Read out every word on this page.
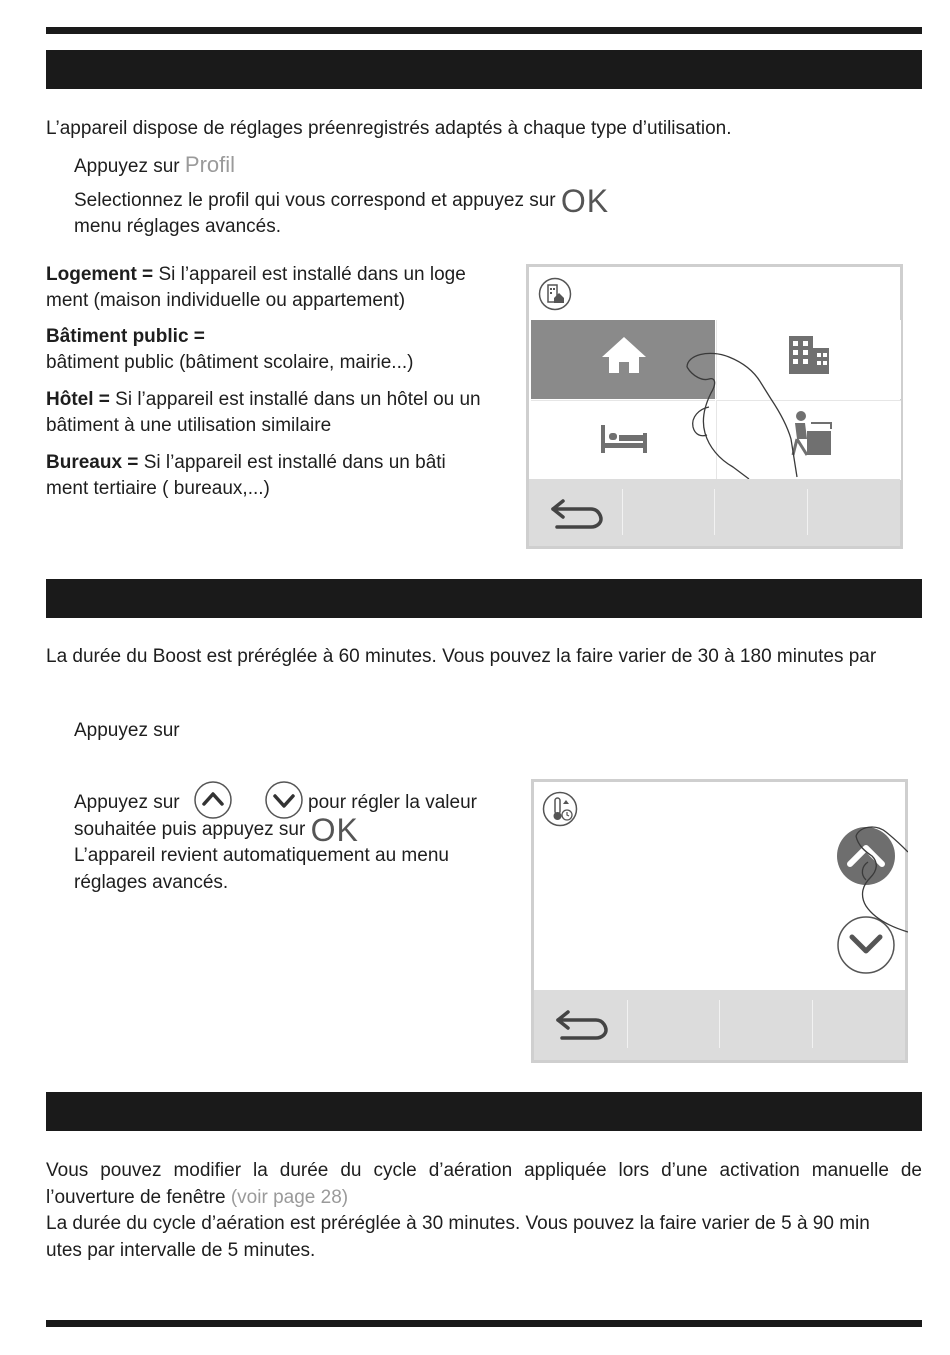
L’appareil dispose de réglages préenregistrés adaptés à chaque type d’utilisation.
Appuyez sur Profil
Selectionnez le profil qui vous correspond et appuyez sur OK
menu réglages avancés.
Logement = Si l’appareil est installé dans un loge
ment (maison individuelle ou appartement)
Bâtiment public =
bâtiment public (bâtiment scolaire, mairie...)
Hôtel = Si l’appareil est installé dans un hôtel ou un
bâtiment à une utilisation similaire
Bureaux = Si l’appareil est installé dans un bâti
ment tertiaire ( bureaux,...)
La durée du Boost est préréglée à 60 minutes. Vous pouvez la faire varier de 30 à 180 minutes par
Appuyez sur
Appuyez sur	pour régler la valeur
souhaitée puis appuyez sur OK
L’appareil revient automatiquement au menu
réglages avancés.
Vous pouvez modifier la durée du cycle d’aération appliquée lors d’une activation manuelle de
l’ouverture de fenêtre (voir page 28)
La durée du cycle d’aération est préréglée à 30 minutes. Vous pouvez la faire varier de 5 à 90 min
utes par intervalle de 5 minutes.
